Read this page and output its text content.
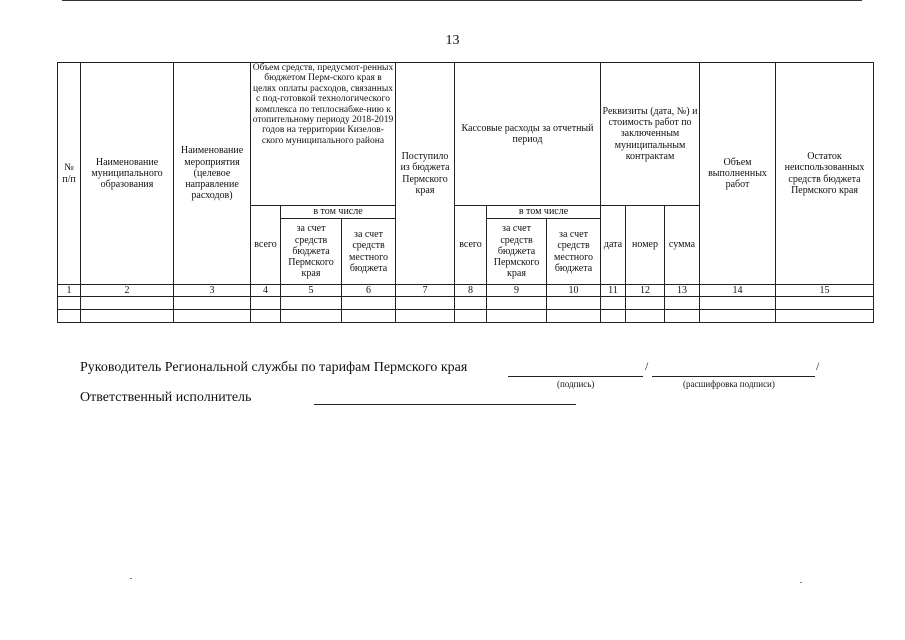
13
№ п/п	Наименование муниципального образования	Наименование мероприятия (целевое направление расходов)	Объем средств, предусмот-ренных бюджетом Перм-ского края в целях оплаты расходов, связанных с под-готовкой технологического комплекса по теплоснабже-нию к отопительному периоду 2018-2019 годов на территории Кизелов-ского муниципального района			Поступило из бюджета Пермского края	Кассовые расходы за отчетный период			Реквизиты (дата, №) и стоимость работ по заключенным муниципальным контрактам			Объем выполненных работ	Остаток неиспользованных средств бюджета Пермского края
			всего	в том числе			всего	в том числе		дата	номер	сумма		
				за счет средств бюджета Пермского края	за счет средств местного бюджета			за счет средств бюджета Пермского края	за счет средств местного бюджета					
1	2	3	4	5	6	7	8	9	10	11	12	13	14	15

Руководитель Региональной службы по тарифам Пермского края	/	/
(подпись)	(расшифровка подписи)
Ответственный исполнитель
